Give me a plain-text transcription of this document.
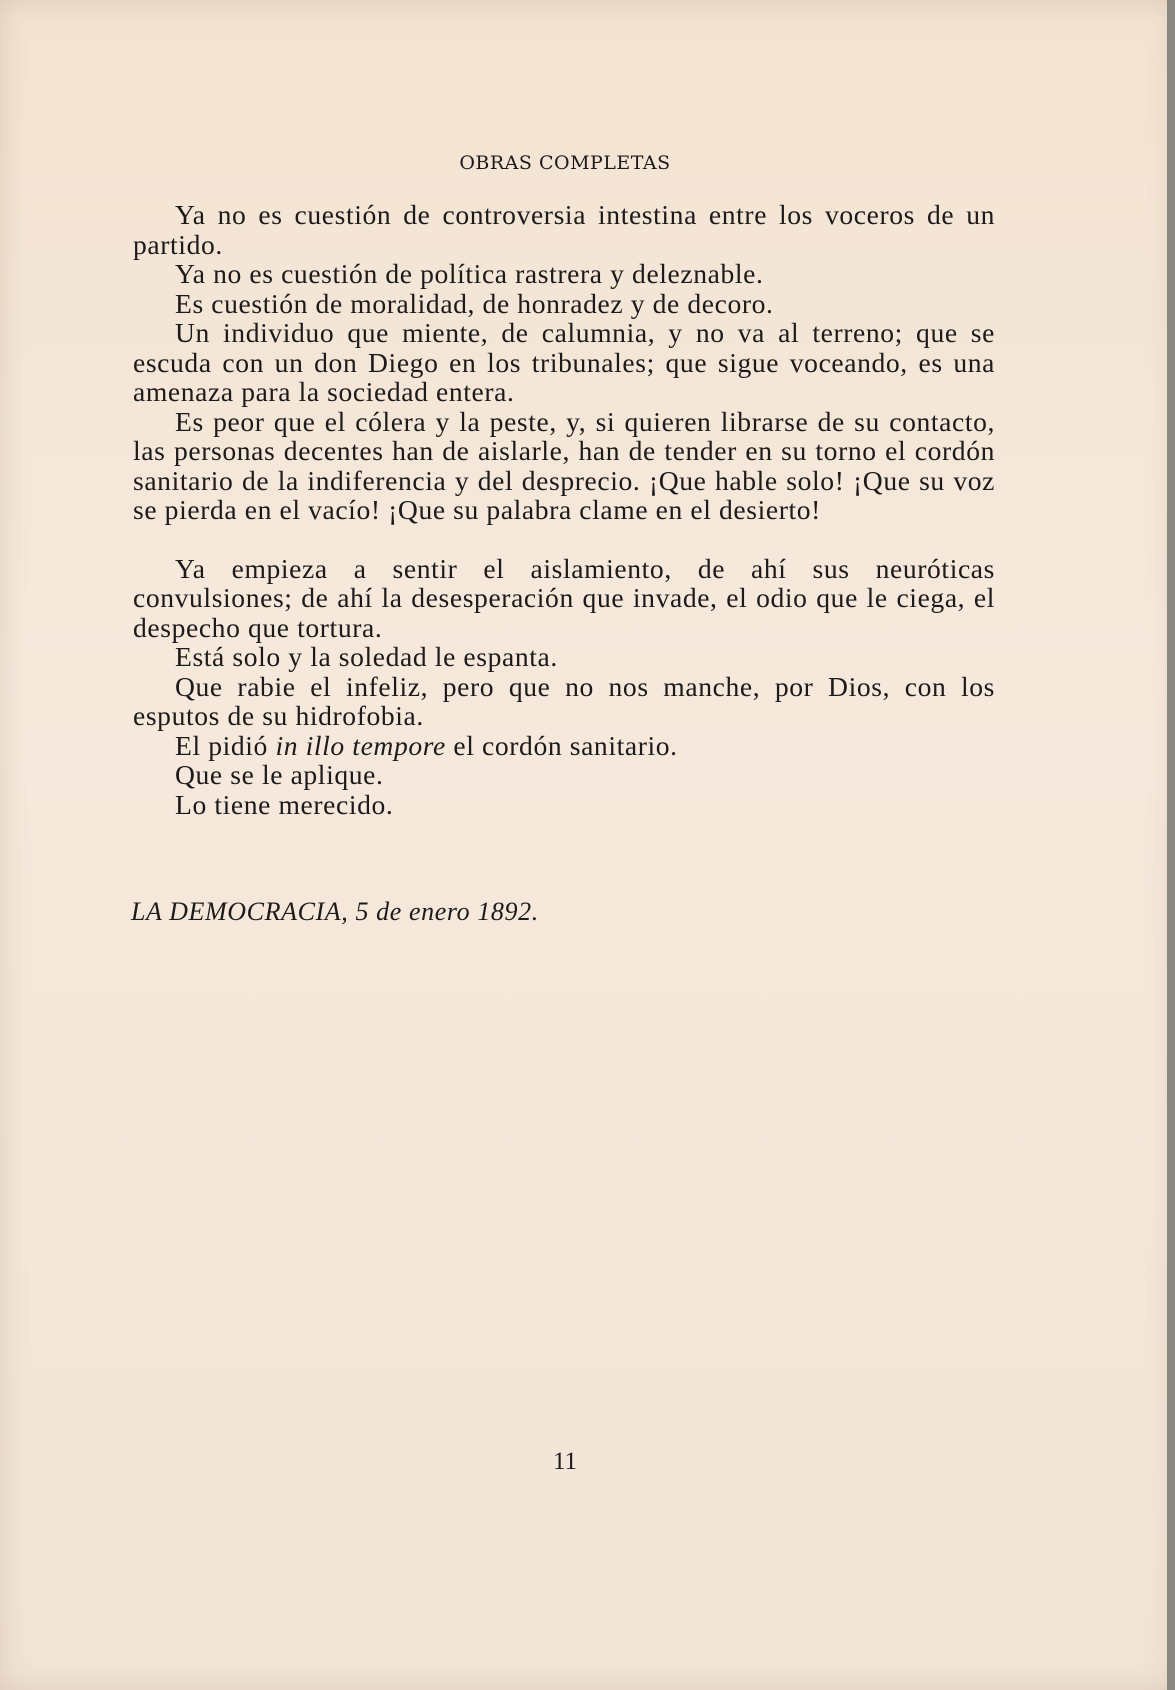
OBRAS COMPLETAS

Ya no es cuestión de controversia intestina entre los voceros de un partido.

Ya no es cuestión de política rastrera y deleznable.

Es cuestión de moralidad, de honradez y de decoro.

Un individuo que miente, de calumnia, y no va al terreno; que se escuda con un don Diego en los tribunales; que sigue voceando, es una amenaza para la sociedad entera.

Es peor que el cólera y la peste, y, si quieren librarse de su contacto, las personas decentes han de aislarle, han de tender en su torno el cordón sanitario de la indiferencia y del desprecio. ¡Que hable solo! ¡Que su voz se pierda en el vacío! ¡Que su palabra clame en el desierto!

Ya empieza a sentir el aislamiento, de ahí sus neuróticas convulsiones; de ahí la desesperación que invade, el odio que le ciega, el despecho que tortura.

Está solo y la soledad le espanta.

Que rabie el infeliz, pero que no nos manche, por Dios, con los esputos de su hidrofobia.

El pidió in illo tempore el cordón sanitario.

Que se le aplique.

Lo tiene merecido.

LA DEMOCRACIA, 5 de enero 1892.
11
